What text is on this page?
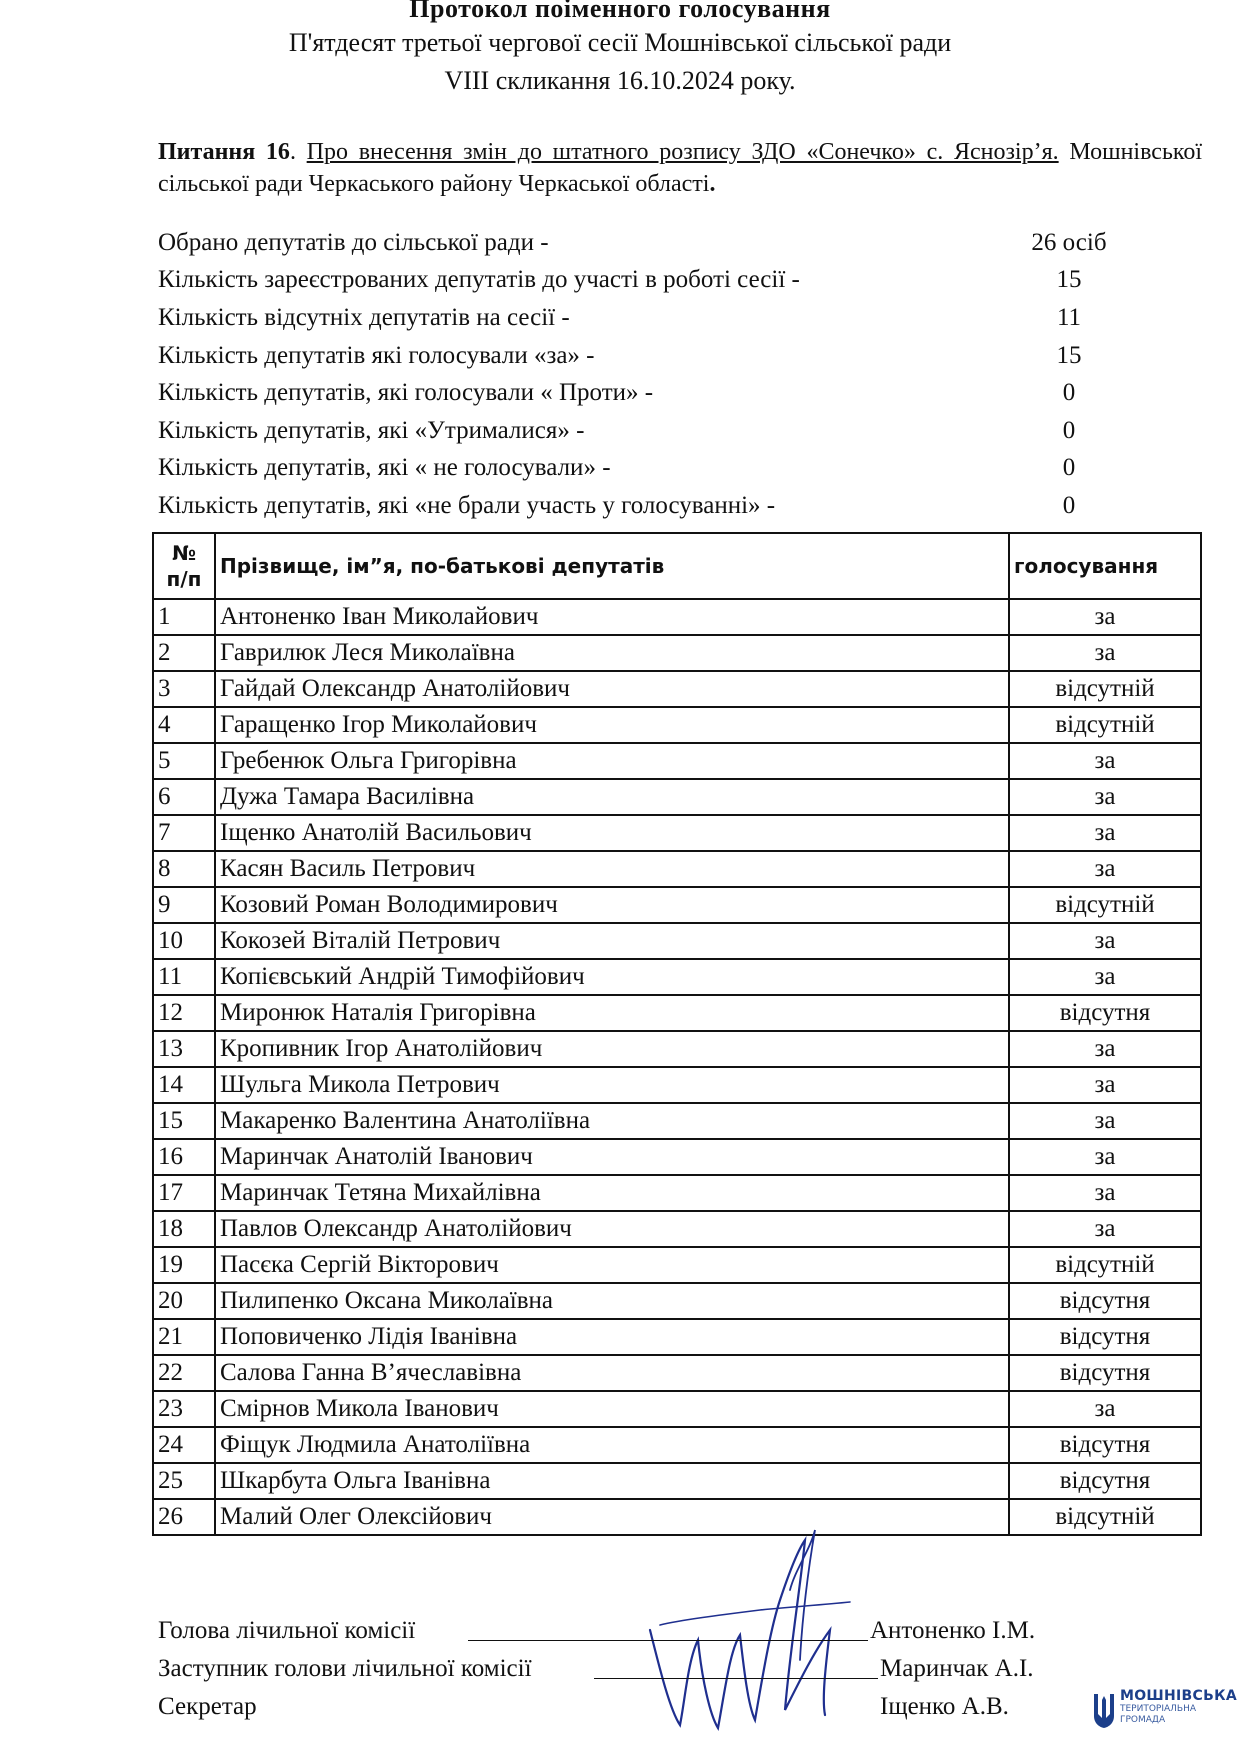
Протокол поіменного голосування
П'ятдесят третьої чергової сесії Мошнівської сільської ради
VIII скликання 16.10.2024 року.
Питання 16. Про внесення змін до штатного розпису ЗДО «Сонечко» с. Яснозір’я. Мошнівської сільської ради Черкаського району Черкаської області.
Обрано депутатів до сільської ради -	26 осіб
Кількість зареєстрованих депутатів до участі в роботі сесії -	15
Кількість відсутніх депутатів на сесії -	11
Кількість депутатів які голосували «за» -	15
Кількість депутатів, які голосували « Проти» -	0
Кількість депутатів, які «Утрималися» -	0
Кількість депутатів, які « не голосували» -	0
Кількість депутатів, які «не брали участь у голосуванні» -	0
№
п/п	Прізвище, ім”я, по-батькові депутатів	голосування
1	Антоненко Іван Миколайович	за
2	Гаврилюк Леся Миколаївна	за
3	Гайдай Олександр Анатолійович	відсутній
4	Гаращенко Ігор Миколайович	відсутній
5	Гребенюк Ольга Григорівна	за
6	Дужа Тамара Василівна	за
7	Іщенко Анатолій Васильович	за
8	Касян Василь Петрович	за
9	Козовий Роман Володимирович	відсутній
10	Кокозей Віталій Петрович	за
11	Копієвський Андрій Тимофійович	за
12	Миронюк Наталія Григорівна	відсутня
13	Кропивник Ігор Анатолійович	за
14	Шульга Микола Петрович	за
15	Макаренко Валентина Анатоліївна	за
16	Маринчак Анатолій Іванович	за
17	Маринчак Тетяна Михайлівна	за
18	Павлов Олександр Анатолійович	за
19	Пасєка Сергій Вікторович	відсутній
20	Пилипенко Оксана Миколаївна	відсутня
21	Поповиченко Лідія Іванівна	відсутня
22	Салова Ганна В’ячеславівна	відсутня
23	Смірнов Микола Іванович	за
24	Фіщук Людмила Анатоліївна	відсутня
25	Шкарбута Ольга Іванівна	відсутня
26	Малий Олег Олексійович	відсутній
Голова лічильної комісії	Антоненко І.М.
Заступник голови лічильної комісії	Маринчак А.І.
Секретар	Іщенко А.В.	МОШНІВСЬКА
ТЕРИТОРІАЛЬНА
ГРОМАДА
